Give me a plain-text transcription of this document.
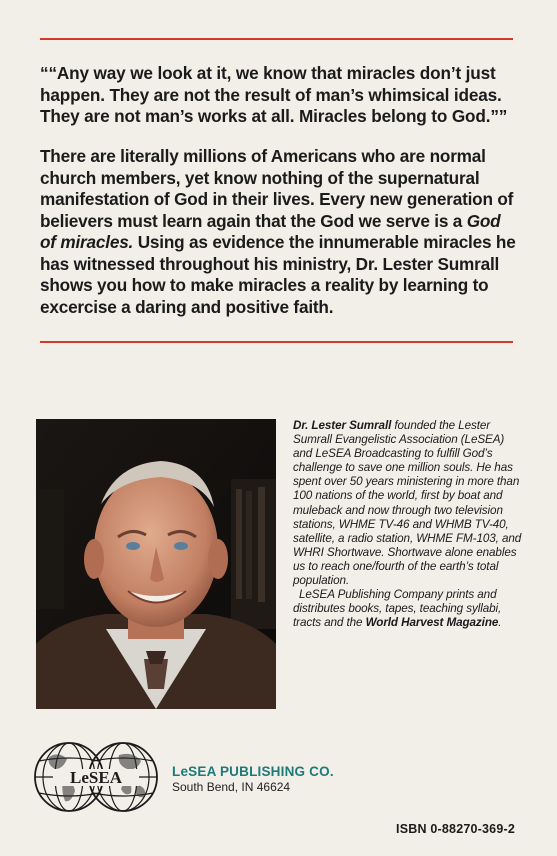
““Any way we look at it, we know that miracles don’t just happen. They are not the result of man’s whimsical ideas. They are not man’s works at all. Miracles belong to God.””
There are literally millions of Americans who are normal church members, yet know nothing of the supernatural manifestation of God in their lives. Every new generation of believers must learn again that the God we serve is a God of miracles. Using as evidence the innumerable miracles he has witnessed throughout his ministry, Dr. Lester Sumrall shows you how to make miracles a reality by learning to excercise a daring and positive faith.

Dr. Lester Sumrall founded the Lester Sumrall Evangelistic Association (LeSEA) and LeSEA Broadcasting to fulfill God’s challenge to save one million souls. He has spent over 50 years ministering in more than 100 nations of the world, first by boat and muleback and now through two television stations, WHME TV-46 and WHMB TV-40, satellite, a radio station, WHME FM-103, and WHRI Shortwave. Shortwave alone enables us to reach one/fourth of the earth’s total population.

LeSEA Publishing Company prints and distributes books, tapes, teaching syllabi, tracts and the World Harvest Magazine.

LeSEA	LeSEA PUBLISHING CO.
South Bend, IN 46624
ISBN 0-88270-369-2
